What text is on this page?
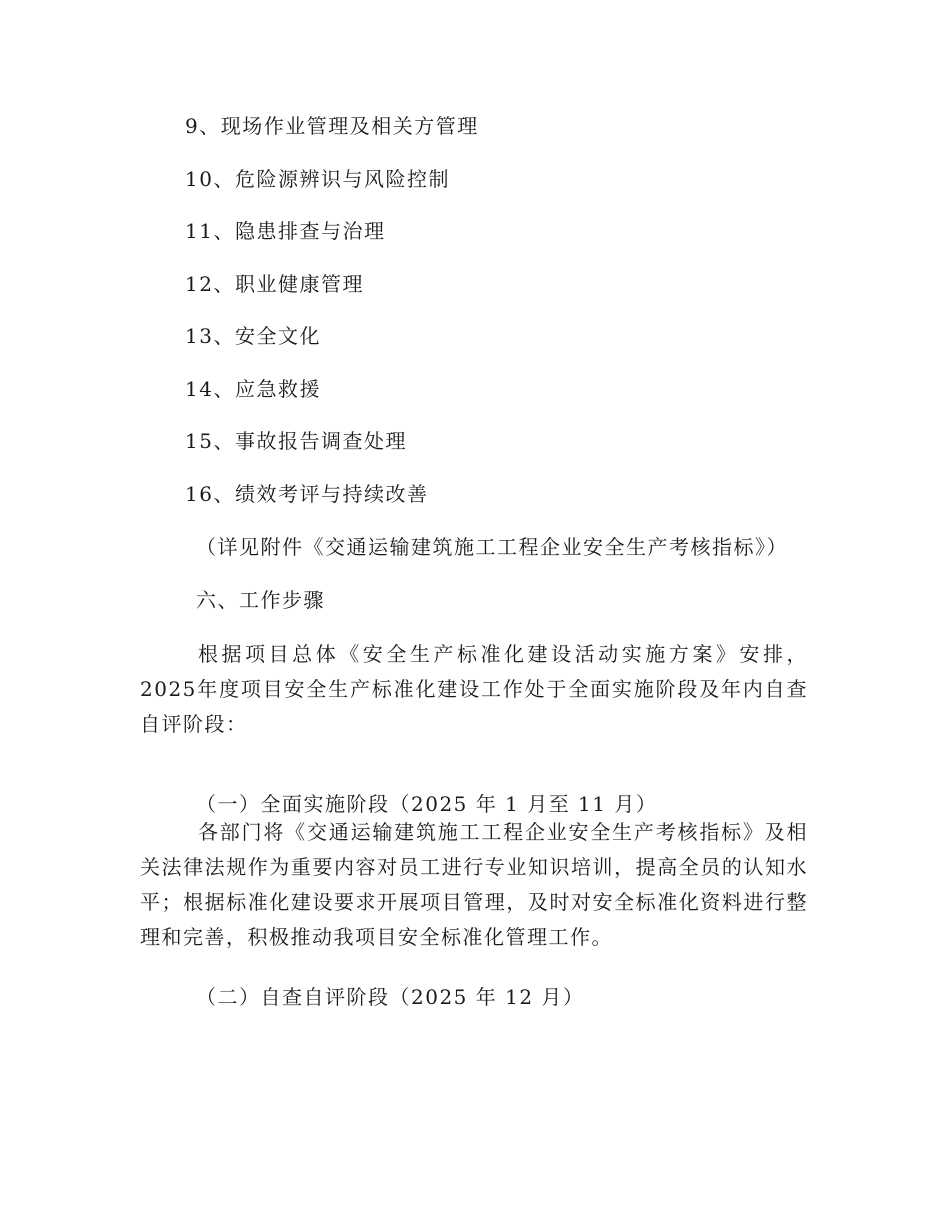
9、现场作业管理及相关方管理
10、危险源辨识与风险控制
11、隐患排查与治理
12、职业健康管理
13、安全文化
14、应急救援
15、事故报告调查处理
16、绩效考评与持续改善
（详见附件《交通运输建筑施工工程企业安全生产考核指标》）
六、工作步骤
根据项目总体《安全生产标准化建设活动实施方案》安排，2025年度项目安全生产标准化建设工作处于全面实施阶段及年内自查自评阶段：
（一）全面实施阶段（2025 年 1 月至 11 月）
各部门将《交通运输建筑施工工程企业安全生产考核指标》及相关法律法规作为重要内容对员工进行专业知识培训，提高全员的认知水平；根据标准化建设要求开展项目管理，及时对安全标准化资料进行整理和完善，积极推动我项目安全标准化管理工作。
（二）自查自评阶段（2025 年 12 月）
